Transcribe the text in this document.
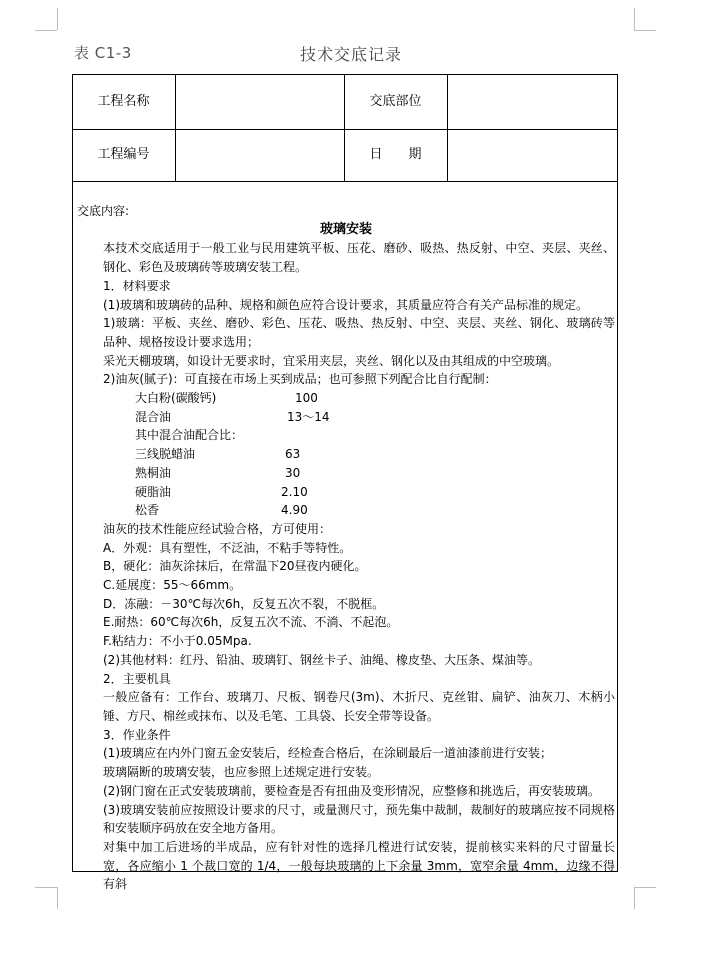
表 C1-3	技术交底记录
工程名称	交底部位
工程编号	日　　期

交底内容:

玻璃安装

本技术交底适用于一般工业与民用建筑平板、压花、磨砂、吸热、热反射、中空、夹层、夹丝、钢化、彩色及玻璃砖等玻璃安装工程。

1．材料要求

(1)玻璃和玻璃砖的品种、规格和颜色应符合设计要求，其质量应符合有关产品标准的规定。

1)玻璃：平板、夹丝、磨砂、彩色、压花、吸热、热反射、中空、夹层、夹丝、钢化、玻璃砖等品种、规格按设计要求选用；

采光天棚玻璃，如设计无要求时，宜采用夹层，夹丝、钢化以及由其组成的中空玻璃。

2)油灰(腻子)：可直接在市场上买到成品；也可参照下列配合比自行配制：

大白粉(碳酸钙)	100
混合油	13～14

其中混合油配合比：

三线脱蜡油	63
熟桐油	30
硬脂油	2.10
松香	4.90

油灰的技术性能应经试验合格，方可使用：

A．外观：具有塑性，不泛油，不粘手等特性。

B，硬化：油灰涂抹后，在常温下20昼夜内硬化。

C.延展度：55～66mm。

D．冻融：－30℃每次6h，反复五次不裂，不脱框。

E.耐热：60℃每次6h，反复五次不流、不淌、不起泡。

F.粘结力：不小于0.05Mpa.

(2)其他材料：红丹、铅油、玻璃钉、钢丝卡子、油绳、橡皮垫、大压条、煤油等。

2．主要机具

一般应备有：工作台、玻璃刀、尺板、钢卷尺(3m)、木折尺、克丝钳、扁铲、油灰刀、木柄小锤、方尺、棉丝或抹布、以及毛笔、工具袋、长安全带等设备。

3．作业条件

(1)玻璃应在内外门窗五金安装后，经检查合格后，在涂刷最后一道油漆前进行安装；

玻璃隔断的玻璃安装，也应参照上述规定进行安装。

(2)钢门窗在正式安装玻璃前，要检查是否有扭曲及变形情况，应整修和挑选后，再安装玻璃。

(3)玻璃安装前应按照设计要求的尺寸，或量测尺寸，预先集中裁制，裁制好的玻璃应按不同规格和安装顺序码放在安全地方备用。

对集中加工后进场的半成品，应有针对性的选择几樘进行试安装，提前核实来料的尺寸留量长宽，各应缩小 1 个裁口宽的 1/4，一般每块玻璃的上下余量 3mm，宽窄余量 4mm，边缘不得有斜
